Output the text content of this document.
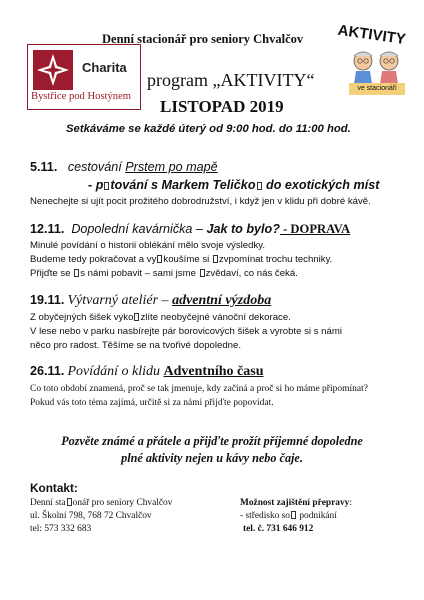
Denní stacionář pro seniory Chvalčov
Charita
Bystřice pod Hostýnem
program „AKTIVITY“
LISTOPAD 2019
AKTIVITY
ve stacionáři
Setkáváme se každé úterý od 9:00 hod. do 11:00 hod.
5.11. cestování Prstem po mapě
- p tování s Markem Teličko do exotických míst
Nenechejte si ujít pocit prožitého dobrodružství, i když jen v klidu při dobré kávě.
12.11. Dopolední kavárnička – Jak to bylo? - DOPRAVA
Minulé povídání o historii oblékání mělo svoje výsledky.
Budeme tedy pokračovat a vy koušíme si zvpomínat trochu techniky.
Přijďte se s námi pobavit – sami jsme zvědaví, co nás čeká.
19.11. Výtvarný ateliér – adventní výzdoba
Z obyčejných šišek vyko zlíte neobyčejné vánoční dekorace.
V lese nebo v parku nasbírejte pár borovicových šišek a vyrobte si s námi
něco pro radost. Těšíme se na tvořivé dopoledne.
26.11. Povídání o klidu Adventního času
Co toto období znamená, proč se tak jmenuje, kdy začíná a proč si ho máme připomínat?
Pokud vás toto téma zajímá, určitě si za námi přijďte popovídat.
Pozvěte známé a přátele a přijďte prožít příjemné dopoledne
plné aktivity nejen u kávy nebo čaje.
Kontakt:
Denní sta onář pro seniory Chvalčov
ul. Školní 798, 768 72 Chvalčov
tel: 573 332 683
Možnost zajištění přepravy:
- středisko so podnikání
tel. č. 731 646 912
